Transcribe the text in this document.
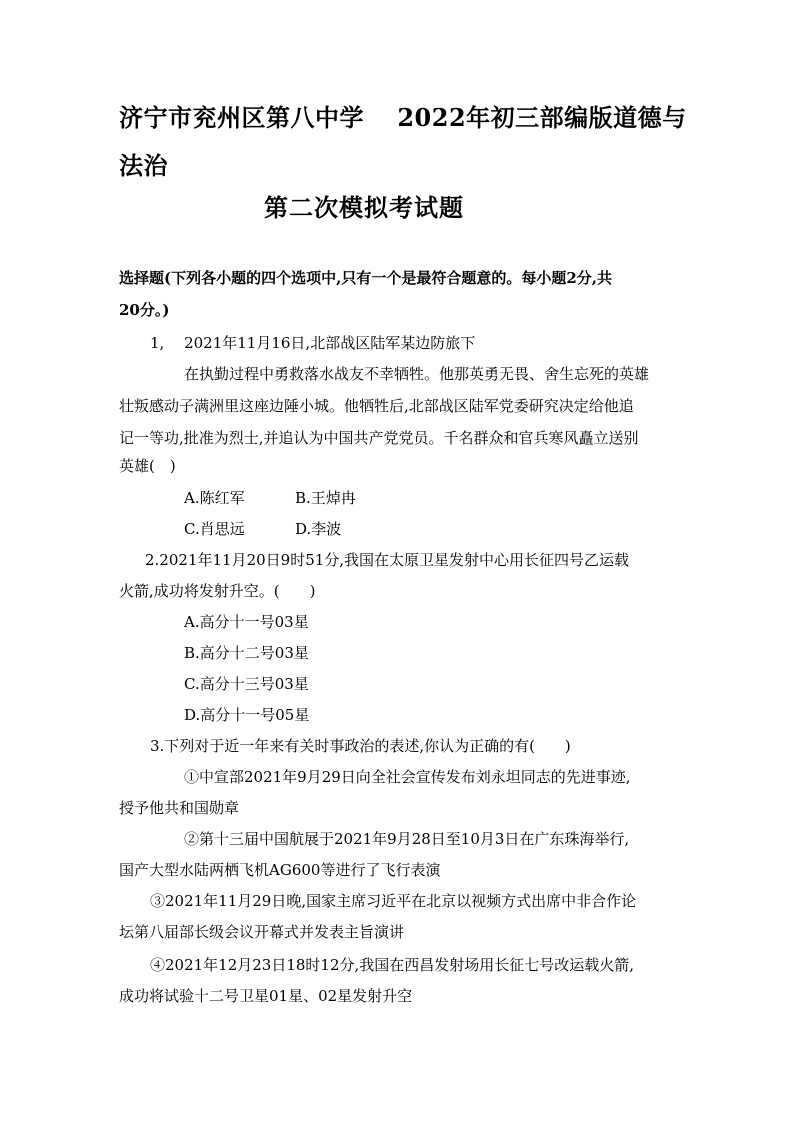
济宁市兖州区第八中学　 2022年初三部编版道德与
法治
第二次模拟考试题
选择题(下列各小题的四个选项中,只有一个是最符合题意的。每小题2分,共
20分。)
1,　 2021年11月16日,北部战区陆军某边防旅下
在执勤过程中勇救落水战友不幸牺牲。他那英勇无畏、舍生忘死的英雄
壮叛感动子满洲里这座边陲小城。他牺牲后,北部战区陆军党委研究决定给他追
记一等功,批准为烈士,并追认为中国共产党党员。千名群众和官兵寒风矗立送别
英雄(　)
A.陈红军	B.王焯冉
C.肖思远	D.李波
2.2021年11月20日9时51分,我国在太原卫星发射中心用长征四号乙运载
火箭,成功将发射升空。(　　)
A.高分十一号03星
B.高分十二号03星
C.高分十三号03星
D.高分十一号05星
3.下列对于近一年来有关时事政治的表述,你认为正确的有(　　)
①中宣部2021年9月29日向全社会宣传发布刘永坦同志的先进事迹,
授予他共和国勋章
②第十三届中国航展于2021年9月28日至10月3日在广东珠海举行,
国产大型水陆两栖飞机AG600等进行了飞行表演
③2021年11月29日晚,国家主席习近平在北京以视频方式出席中非合作论
坛第八届部长级会议开幕式并发表主旨演讲
④2021年12月23日18时12分,我国在西昌发射场用长征七号改运载火箭,
成功将试验十二号卫星01星、02星发射升空
